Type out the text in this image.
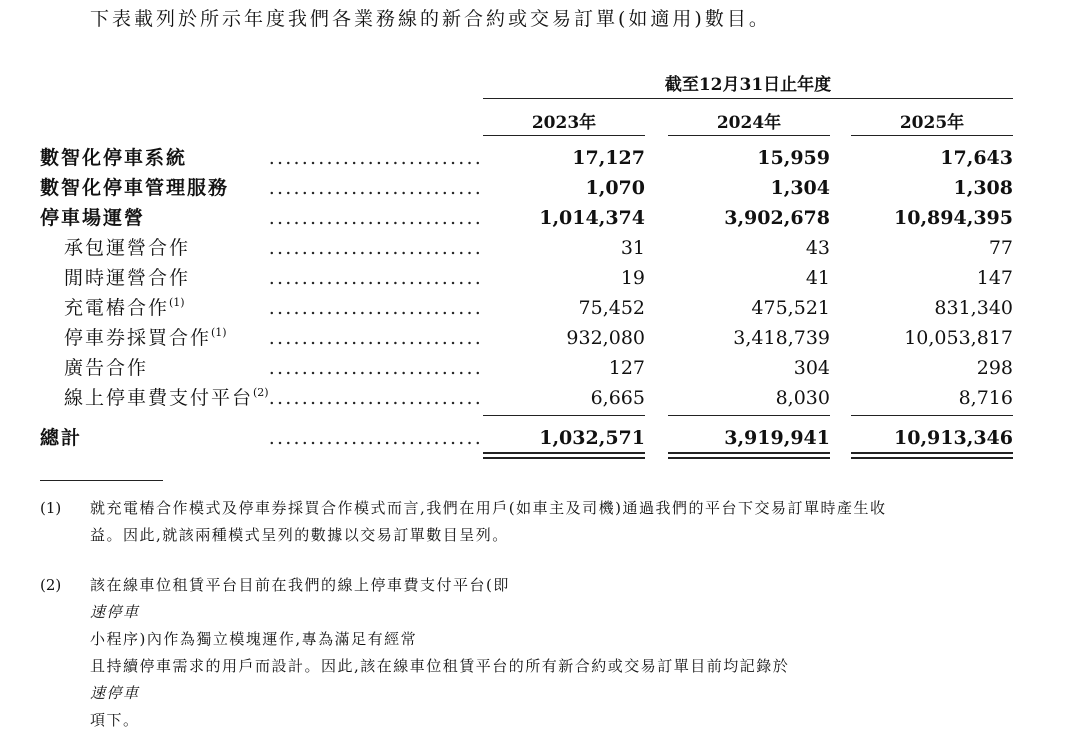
下表載列於所示年度我們各業務線的新合約或交易訂單(如適用)數目。
截至12月31日止年度
2023年	2024年	2025年
數智化停車系統	..........................	17,127	15,959	17,643
數智化停車管理服務 ..........................	1,070	1,304	1,308
停車場運營	..........................	1,014,374	3,902,678	10,894,395
承包運營合作	..........................	31	43	77
閒時運營合作	..........................	19	41	147
充電樁合作$^{(1)}$	..........................	75,452	475,521	831,340
停車券採買合作$^{(1)}$ ..........................	932,080	3,418,739	10,053,817
廣告合作	..........................	127	304	298
線上停車費支付平台$^{(2)}$ ..........................	6,665	8,030	8,716
總計	..........................	1,032,571	3,919,941	10,913,346
(1) 就充電樁合作模式及停車券採買合作模式而言,我們在用戶(如車主及司機)通過我們的平台下交易訂單時產生收
益。因此,就該兩種模式呈列的數據以交易訂單數目呈列。
(2) 該在線車位租賃平台目前在我們的線上停車費支付平台(即
速停車
小程序)內作為獨立模塊運作,專為滿足有經常
且持續停車需求的用戶而設計。因此,該在線車位租賃平台的所有新合約或交易訂單目前均記錄於
速停車
項下。
